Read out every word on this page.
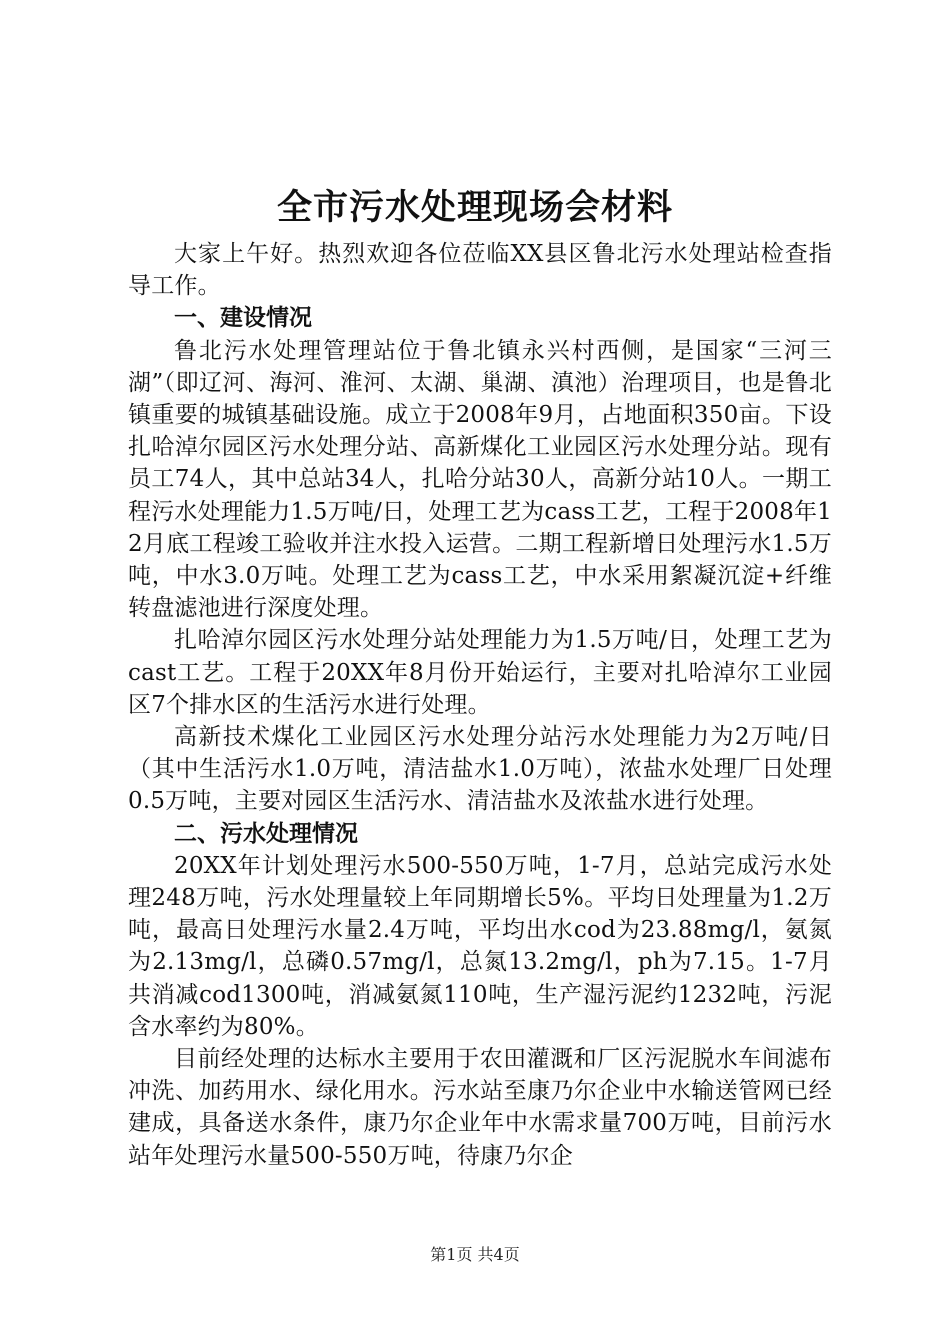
全市污水处理现场会材料

大家上午好。热烈欢迎各位莅临XX县区鲁北污水处理站检查指导工作。

一、建设情况

鲁北污水处理管理站位于鲁北镇永兴村西侧，是国家“三河三湖”（即辽河、海河、淮河、太湖、巢湖、滇池）治理项目，也是鲁北镇重要的城镇基础设施。成立于2008年9月，占地面积350亩。下设扎哈淖尔园区污水处理分站、高新煤化工业园区污水处理分站。现有员工74人，其中总站34人，扎哈分站30人，高新分站10人。一期工程污水处理能力1.5万吨/日，处理工艺为cass工艺，工程于2008年12月底工程竣工验收并注水投入运营。二期工程新增日处理污水1.5万吨，中水3.0万吨。处理工艺为cass工艺，中水采用絮凝沉淀+纤维转盘滤池进行深度处理。

扎哈淖尔园区污水处理分站处理能力为1.5万吨/日，处理工艺为cast工艺。工程于20XX年8月份开始运行，主要对扎哈淖尔工业园区7个排水区的生活污水进行处理。

高新技术煤化工业园区污水处理分站污水处理能力为2万吨/日（其中生活污水1.0万吨，清洁盐水1.0万吨），浓盐水处理厂日处理0.5万吨，主要对园区生活污水、清洁盐水及浓盐水进行处理。

二、污水处理情况

20XX年计划处理污水500-550万吨，1-7月，总站完成污水处理248万吨，污水处理量较上年同期增长5%。平均日处理量为1.2万吨，最高日处理污水量2.4万吨，平均出水cod为23.88mg/l，氨氮为2.13mg/l，总磷0.57mg/l，总氮13.2mg/l，ph为7.15。1-7月共消减cod1300吨，消减氨氮110吨，生产湿污泥约1232吨，污泥含水率约为80%。

目前经处理的达标水主要用于农田灌溉和厂区污泥脱水车间滤布冲洗、加药用水、绿化用水。污水站至康乃尔企业中水输送管网已经建成，具备送水条件，康乃尔企业年中水需求量700万吨，目前污水站年处理污水量500-550万吨，待康乃尔企

第1页 共4页
